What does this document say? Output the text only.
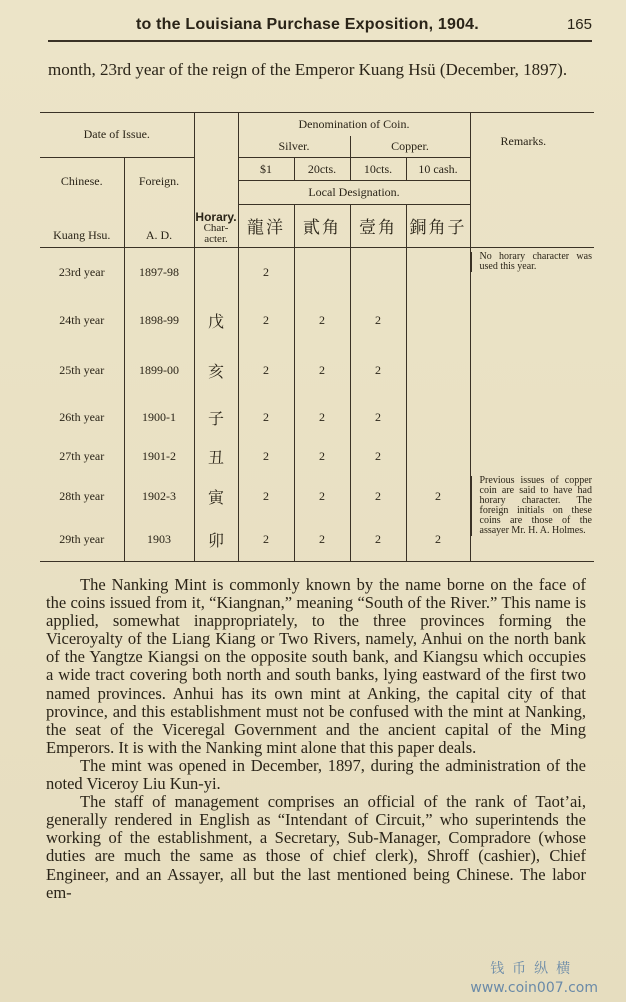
to the Louisiana Purchase Exposition, 1904.	165
month, 23rd year of the reign of the Emperor Kuang Hsü (December, 1897).
Date of Issue.			Denomination of Coin.				
			Silver.		Copper.		
Chinese.	Foreign.		$1	20cts.	10cts.	10 cash.	
			Local Designation.				
Kuang Hsu.	A. D.	Horary.
Char-acter.	龍洋	貳角	壹角	銅角子	Remarks.

23rd year	1897-98		2				No horary character was used this year.

24th year	1898-99	戊	2	2	2		
25th year	1899-00	亥	2	2	2		
26th year	1900-1	子	2	2	2		
27th year	1901-2	丑	2	2	2		
28th year	1902-3	寅	2	2	2	2	Previous issues of copper coin are said to have had horary character. The foreign initials on these coins are those of the assayer Mr. H. A. Holmes.

29th year	1903	卯	2	2	2	2	

The Nanking Mint is commonly known by the name borne on the face of the coins issued from it, “Kiangnan,” meaning “South of the River.” This name is applied, somewhat inappropriately, to the three provinces forming the Viceroyalty of the Liang Kiang or Two Rivers, namely, Anhui on the north bank of the Yangtze Kiangsi on the opposite south bank, and Kiangsu which occupies a wide tract covering both north and south banks, lying eastward of the first two named provinces. Anhui has its own mint at Anking, the capital city of that province, and this establishment must not be confused with the mint at Nanking, the seat of the Viceregal Government and the ancient capital of the Ming Emperors. It is with the Nanking mint alone that this paper deals.

The mint was opened in December, 1897, during the administration of the noted Viceroy Liu Kun-yi.

The staff of management comprises an official of the rank of Taot’ai, generally rendered in English as “Intendant of Circuit,” who superintends the working of the establishment, a Secretary, Sub-Manager, Compradore (whose duties are much the same as those of chief clerk), Shroff (cashier), Chief Engineer, and an Assayer, all but the last mentioned being Chinese. The labor em-

钱币纵横
www.coin007.com
